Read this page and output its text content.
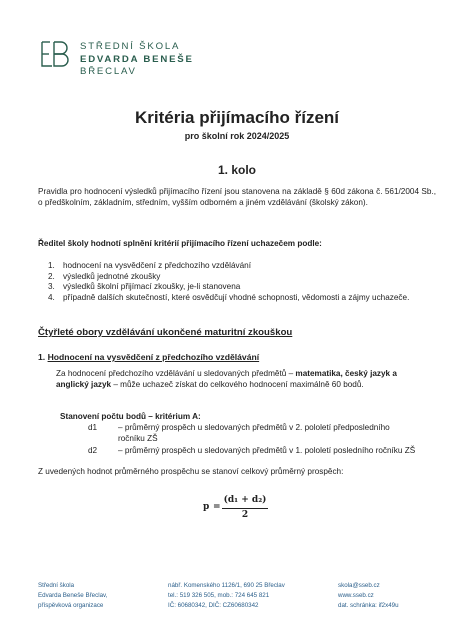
STŘEDNÍ ŠKOLA
EDVARDA BENEŠE
BŘECLAV
Kritéria přijímacího řízení
pro školní rok 2024/2025
1. kolo
Pravidla pro hodnocení výsledků přijímacího řízení jsou stanovena na základě § 60d zákona č. 561/2004 Sb., o předškolním, základním, středním, vyšším odborném a jiném vzdělávání (školský zákon).
Ředitel školy hodnotí splnění kritérií přijímacího řízení uchazečem podle:
1. hodnocení na vysvědčení z předchozího vzdělávání
2. výsledků jednotné zkoušky
3. výsledků školní přijímací zkoušky, je-li stanovena
4. případně dalších skutečností, které osvědčují vhodné schopnosti, vědomosti a zájmy uchazeče.
Čtyřleté obory vzdělávání ukončené maturitní zkouškou
1. Hodnocení na vysvědčení z předchozího vzdělávání
Za hodnocení předchozího vzdělávání u sledovaných předmětů – matematika, český jazyk a anglický jazyk – může uchazeč získat do celkového hodnocení maximálně 60 bodů.
Stanovení počtu bodů – kritérium A:
d1	– průměrný prospěch u sledovaných předmětů v 2. pololetí předposledního ročníku ZŠ
d2	– průměrný prospěch u sledovaných předmětů v 1. pololetí posledního ročníku ZŠ
Z uvedených hodnot průměrného prospěchu se stanoví celkový průměrný prospěch:
p =
(d₁ + d₂)
2
Střední škola
Edvarda Beneše Břeclav,
příspěvková organizace
nábř. Komenského 1126/1, 690 25 Břeclav
tel.: 519 326 505, mob.: 724 645 821
IČ: 60680342, DIČ: CZ60680342
skola@sseb.cz
www.sseb.cz
dat. schránka: if2x49u
